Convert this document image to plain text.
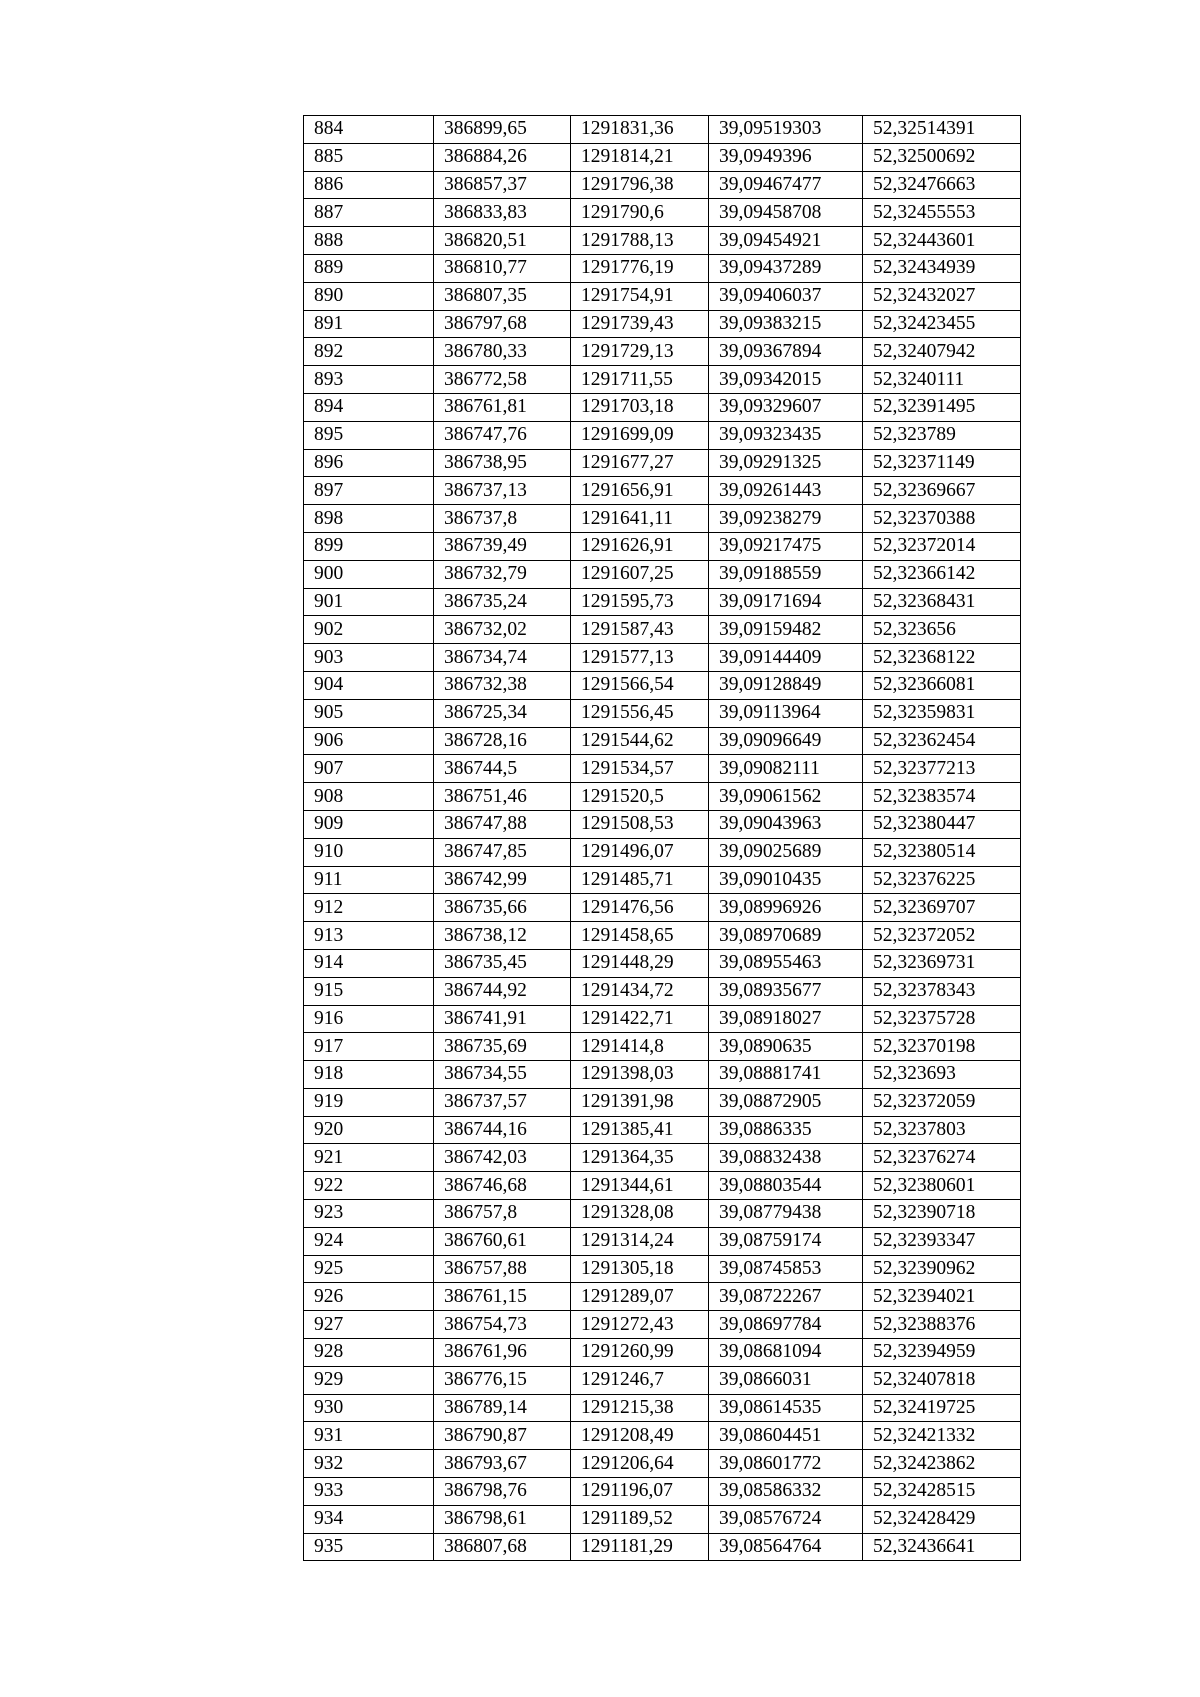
884	386899,65	1291831,36	39,09519303	52,32514391
885	386884,26	1291814,21	39,0949396	52,32500692
886	386857,37	1291796,38	39,09467477	52,32476663
887	386833,83	1291790,6	39,09458708	52,32455553
888	386820,51	1291788,13	39,09454921	52,32443601
889	386810,77	1291776,19	39,09437289	52,32434939
890	386807,35	1291754,91	39,09406037	52,32432027
891	386797,68	1291739,43	39,09383215	52,32423455
892	386780,33	1291729,13	39,09367894	52,32407942
893	386772,58	1291711,55	39,09342015	52,3240111
894	386761,81	1291703,18	39,09329607	52,32391495
895	386747,76	1291699,09	39,09323435	52,323789
896	386738,95	1291677,27	39,09291325	52,32371149
897	386737,13	1291656,91	39,09261443	52,32369667
898	386737,8	1291641,11	39,09238279	52,32370388
899	386739,49	1291626,91	39,09217475	52,32372014
900	386732,79	1291607,25	39,09188559	52,32366142
901	386735,24	1291595,73	39,09171694	52,32368431
902	386732,02	1291587,43	39,09159482	52,323656
903	386734,74	1291577,13	39,09144409	52,32368122
904	386732,38	1291566,54	39,09128849	52,32366081
905	386725,34	1291556,45	39,09113964	52,32359831
906	386728,16	1291544,62	39,09096649	52,32362454
907	386744,5	1291534,57	39,09082111	52,32377213
908	386751,46	1291520,5	39,09061562	52,32383574
909	386747,88	1291508,53	39,09043963	52,32380447
910	386747,85	1291496,07	39,09025689	52,32380514
911	386742,99	1291485,71	39,09010435	52,32376225
912	386735,66	1291476,56	39,08996926	52,32369707
913	386738,12	1291458,65	39,08970689	52,32372052
914	386735,45	1291448,29	39,08955463	52,32369731
915	386744,92	1291434,72	39,08935677	52,32378343
916	386741,91	1291422,71	39,08918027	52,32375728
917	386735,69	1291414,8	39,0890635	52,32370198
918	386734,55	1291398,03	39,08881741	52,323693
919	386737,57	1291391,98	39,08872905	52,32372059
920	386744,16	1291385,41	39,0886335	52,3237803
921	386742,03	1291364,35	39,08832438	52,32376274
922	386746,68	1291344,61	39,08803544	52,32380601
923	386757,8	1291328,08	39,08779438	52,32390718
924	386760,61	1291314,24	39,08759174	52,32393347
925	386757,88	1291305,18	39,08745853	52,32390962
926	386761,15	1291289,07	39,08722267	52,32394021
927	386754,73	1291272,43	39,08697784	52,32388376
928	386761,96	1291260,99	39,08681094	52,32394959
929	386776,15	1291246,7	39,0866031	52,32407818
930	386789,14	1291215,38	39,08614535	52,32419725
931	386790,87	1291208,49	39,08604451	52,32421332
932	386793,67	1291206,64	39,08601772	52,32423862
933	386798,76	1291196,07	39,08586332	52,32428515
934	386798,61	1291189,52	39,08576724	52,32428429
935	386807,68	1291181,29	39,08564764	52,32436641
